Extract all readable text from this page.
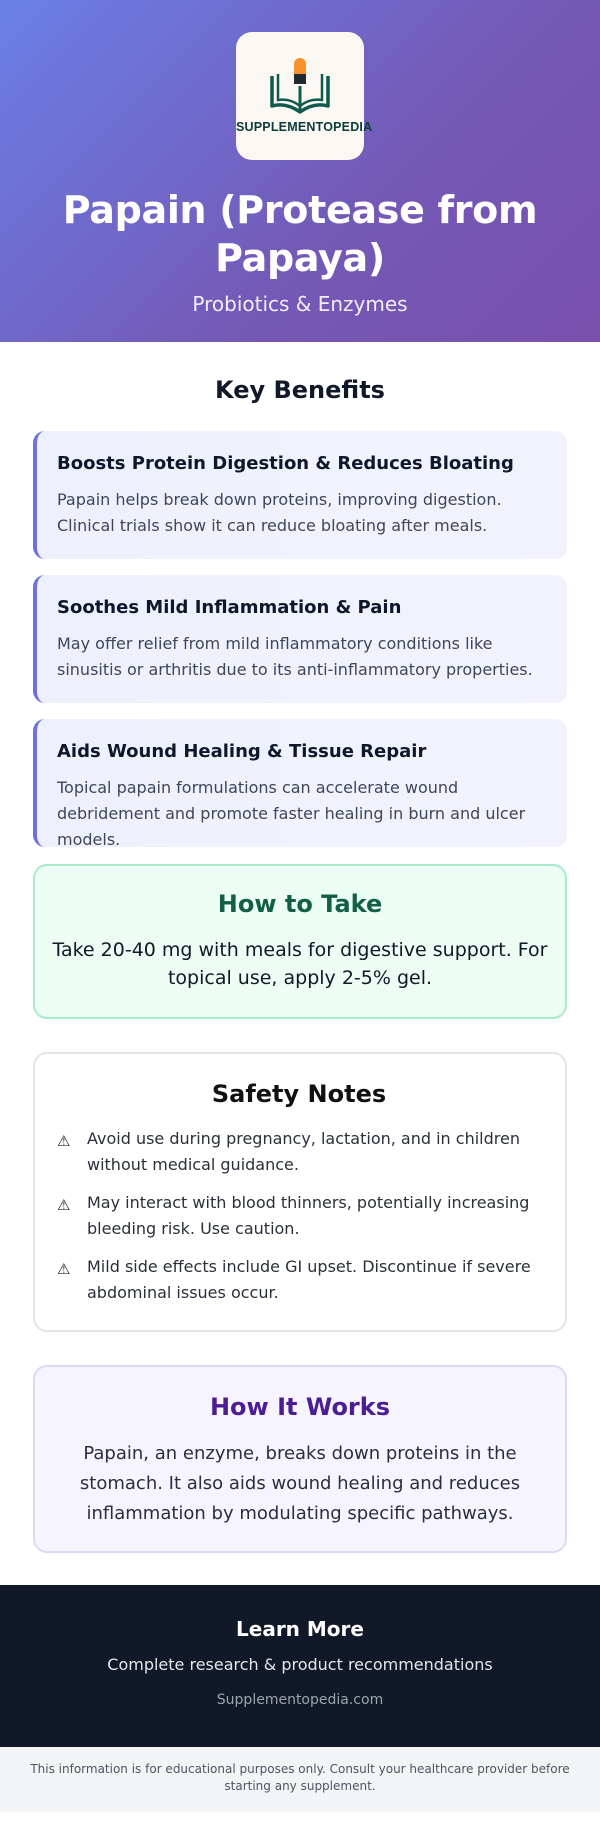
SUPPLEMENTOPEDIA
Papain (Protease from Papaya)
Probiotics & Enzymes
Key Benefits
Boosts Protein Digestion & Reduces Bloating

Papain helps break down proteins, improving digestion. Clinical trials show it can reduce bloating after meals.

Soothes Mild Inflammation & Pain

May offer relief from mild inflammatory conditions like sinusitis or arthritis due to its anti-inflammatory properties.

Aids Wound Healing & Tissue Repair

Topical papain formulations can accelerate wound debridement and promote faster healing in burn and ulcer models.

How to Take

Take 20-40 mg with meals for digestive support. For topical use, apply 2-5% gel.

Safety Notes
⚠	Avoid use during pregnancy, lactation, and in children without medical guidance.
⚠	May interact with blood thinners, potentially increasing bleeding risk. Use caution.
⚠	Mild side effects include GI upset. Discontinue if severe abdominal issues occur.
How It Works

Papain, an enzyme, breaks down proteins in the stomach. It also aids wound healing and reduces inflammation by modulating specific pathways.

Learn More
Complete research & product recommendations
Supplementopedia.com
This information is for educational purposes only. Consult your healthcare provider before starting any supplement.
